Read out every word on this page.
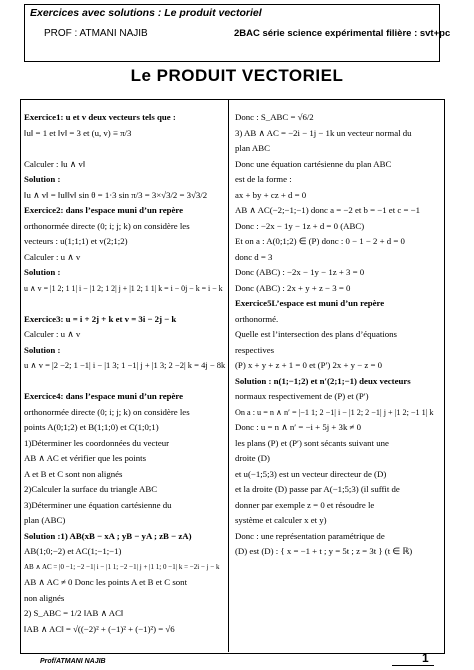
Exercices avec solutions : Le produit vectoriel
PROF : ATMANI NAJIB	2BAC série science expérimental filière : svt+pc
Le PRODUIT VECTORIEL
Exercice1: u et v deux vecteurs tels que :
‖u‖ = 1 et ‖v‖ = 3 et (u, v) ≡ π/3
Calculer : ‖u ∧ v‖
Solution :
‖u ∧ v‖ = ‖u‖‖v‖ sin θ = 1·3 sin π/3 = 3×√3/2 = 3√3/2
Exercice2: dans l’espace muni d’un repère
orthonormée directe (0; i; j; k) on considère les
vecteurs : u(1;1;1) et v(2;1;2)
Calculer : u ∧ v
Solution :
u ∧ v = |1 2; 1 1| i − |1 2; 1 2| j + |1 2; 1 1| k = i − 0j − k = i − k
Exercice3: u = i + 2j + k et v = 3i − 2j − k
Calculer : u ∧ v
Solution :
u ∧ v = |2 −2; 1 −1| i − |1 3; 1 −1| j + |1 3; 2 −2| k = 4j − 8k
Exercice4: dans l’espace muni d’un repère
orthonormée directe (0; i; j; k) on considère les
points A(0;1;2) et B(1;1;0) et C(1;0;1)
1)Déterminer les coordonnées du vecteur
AB ∧ AC et vérifier que les points
A et B et C sont non alignés
2)Calculer la surface du triangle ABC
3)Déterminer une équation cartésienne du
plan (ABC)
Solution :1) AB(xB − xA ; yB − yA ; zB − zA)
AB(1;0;−2) et AC(1;−1;−1)
AB ∧ AC = |0 −1; −2 −1| i − |1 1; −2 −1| j + |1 1; 0 −1| k = −2i − j − k
AB ∧ AC ≠ 0 Donc les points A et B et C sont
non alignés
2) S_ABC = 1/2 ‖AB ∧ AC‖
‖AB ∧ AC‖ = √((−2)² + (−1)² + (−1)²) = √6
Donc : S_ABC = √6/2
3) AB ∧ AC = −2i − 1j − 1k un vecteur normal du
plan ABC
Donc une équation cartésienne du plan ABC
est de la forme :
ax + by + cz + d = 0
AB ∧ AC(−2;−1;−1) donc a = −2 et b = −1 et c = −1
Donc : −2x − 1y − 1z + d = 0 (ABC)
Et on a : A(0;1;2) ∈ (P) donc : 0 − 1 − 2 + d = 0
donc d = 3
Donc (ABC) : −2x − 1y − 1z + 3 = 0
Donc (ABC) : 2x + y + z − 3 = 0
Exercice5L’espace est muni d’un repère
orthonormé.
Quelle est l’intersection des plans d’équations
respectives
(P) x + y + z + 1 = 0 et (P′) 2x + y − z = 0
Solution : n(1;−1;2) et n′(2;1;−1) deux vecteurs
normaux respectivement de (P) et (P′)
On a : u = n ∧ n′ = |−1 1; 2 −1| i − |1 2; 2 −1| j + |1 2; −1 1| k
Donc : u = n ∧ n′ = −i + 5j + 3k ≠ 0
les plans (P) et (P′) sont sécants suivant une
droite (D)
et u(−1;5;3) est un vecteur directeur de (D)
et la droite (D) passe par A(−1;5;3) (il suffit de
donner par exemple z = 0 et résoudre le
système et calculer x et y)
Donc : une représentation paramétrique de
(D) est (D) : { x = −1 + t ; y = 5t ; z = 3t } (t ∈ ℝ)
Prof/ATMANI NAJIB	1
